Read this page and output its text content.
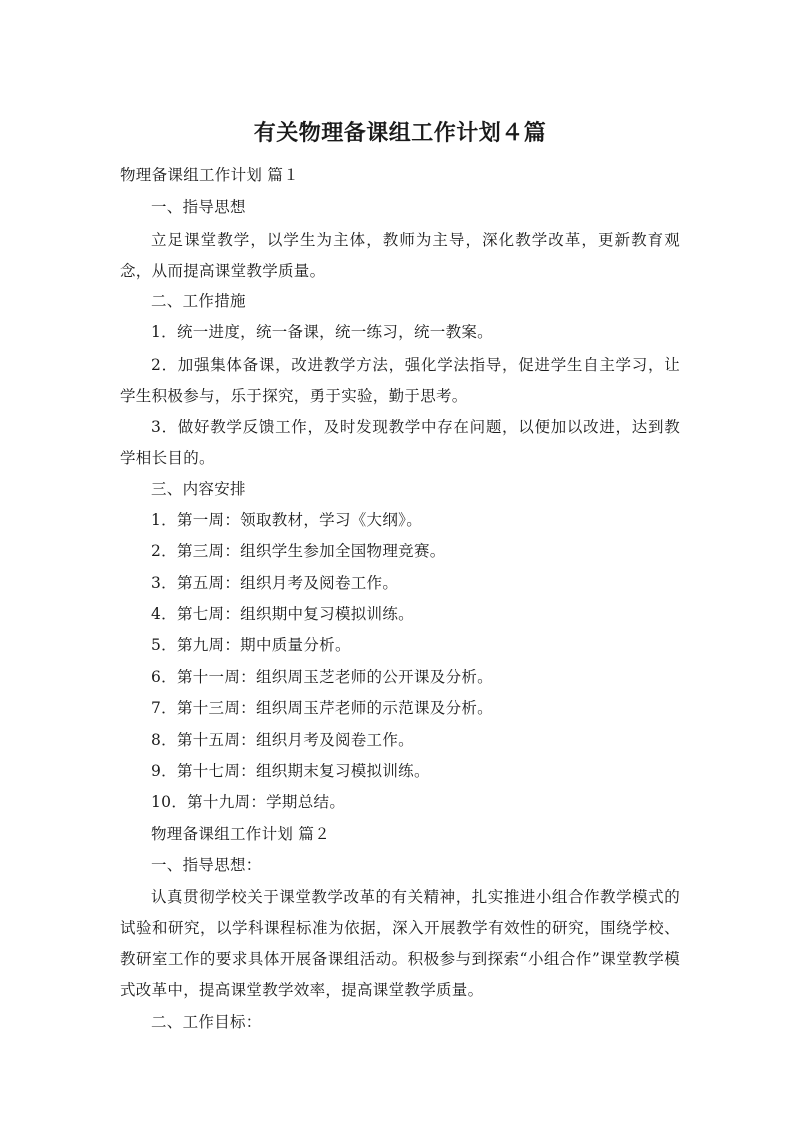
有关物理备课组工作计划４篇
物理备课组工作计划 篇１
一、指导思想
立足课堂教学，以学生为主体，教师为主导，深化教学改革，更新教育观念，从而提高课堂教学质量。
二、工作措施
1．统一进度，统一备课，统一练习，统一教案。
2．加强集体备课，改进教学方法，强化学法指导，促进学生自主学习，让学生积极参与，乐于探究，勇于实验，勤于思考。
3．做好教学反馈工作，及时发现教学中存在问题，以便加以改进，达到教学相长目的。
三、内容安排
1．第一周：领取教材，学习《大纲》。
2．第三周：组织学生参加全国物理竞赛。
3．第五周：组织月考及阅卷工作。
4．第七周：组织期中复习模拟训练。
5．第九周：期中质量分析。
6．第十一周：组织周玉芝老师的公开课及分析。
7．第十三周：组织周玉芹老师的示范课及分析。
8．第十五周：组织月考及阅卷工作。
9．第十七周：组织期末复习模拟训练。
10．第十九周：学期总结。
物理备课组工作计划 篇２
一、指导思想：
认真贯彻学校关于课堂教学改革的有关精神，扎实推进小组合作教学模式的试验和研究，以学科课程标准为依据，深入开展教学有效性的研究，围绕学校、教研室工作的要求具体开展备课组活动。积极参与到探索“小组合作”课堂教学模式改革中，提高课堂教学效率，提高课堂教学质量。
二、工作目标：
